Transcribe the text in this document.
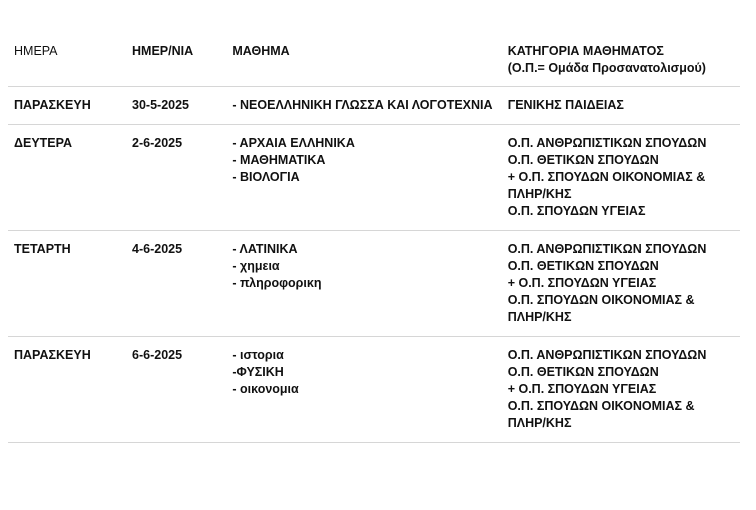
ΗΜΕΡΑ	ΗΜΕΡ/ΝΙΑ	ΜΑΘΗΜΑ	ΚΑΤΗΓΟΡΙΑ ΜΑΘΗΜΑΤΟΣ
(Ο.Π.= Ομάδα Προσανατολισμού)

ΠΑΡΑΣΚΕΥΗ	30-5-2025	- ΝΕΟΕΛΛΗΝΙΚΗ ΓΛΩΣΣΑ ΚΑΙ ΛΟΓΟΤΕΧΝΙΑ	ΓΕΝΙΚΗΣ ΠΑΙΔΕΙΑΣ

ΔΕΥΤΕΡΑ	2-6-2025	- ΑΡΧΑΙΑ ΕΛΛΗΝΙΚΑ
- ΜΑΘΗΜΑΤΙΚΑ
- ΒΙΟΛΟΓΙΑ	Ο.Π. ΑΝΘΡΩΠΙΣΤΙΚΩΝ ΣΠΟΥΔΩΝ
Ο.Π. ΘΕΤΙΚΩΝ ΣΠΟΥΔΩΝ
+ Ο.Π. ΣΠΟΥΔΩΝ ΟΙΚΟΝΟΜΙΑΣ & ΠΛΗΡ/ΚΗΣ
Ο.Π. ΣΠΟΥΔΩΝ ΥΓΕΙΑΣ

ΤΕΤΑΡΤΗ	4-6-2025	- ΛΑΤΙΝΙΚΑ
- χημεια
- πληροφορικη	Ο.Π. ΑΝΘΡΩΠΙΣΤΙΚΩΝ ΣΠΟΥΔΩΝ
Ο.Π. ΘΕΤΙΚΩΝ ΣΠΟΥΔΩΝ
+ Ο.Π. ΣΠΟΥΔΩΝ ΥΓΕΙΑΣ
Ο.Π. ΣΠΟΥΔΩΝ ΟΙΚΟΝΟΜΙΑΣ & ΠΛΗΡ/ΚΗΣ

ΠΑΡΑΣΚΕΥΗ	6-6-2025	- ιστορια
-ΦΥΣΙΚΗ
- οικονομια	Ο.Π. ΑΝΘΡΩΠΙΣΤΙΚΩΝ ΣΠΟΥΔΩΝ
Ο.Π. ΘΕΤΙΚΩΝ ΣΠΟΥΔΩΝ
+ Ο.Π. ΣΠΟΥΔΩΝ ΥΓΕΙΑΣ
Ο.Π. ΣΠΟΥΔΩΝ ΟΙΚΟΝΟΜΙΑΣ & ΠΛΗΡ/ΚΗΣ
